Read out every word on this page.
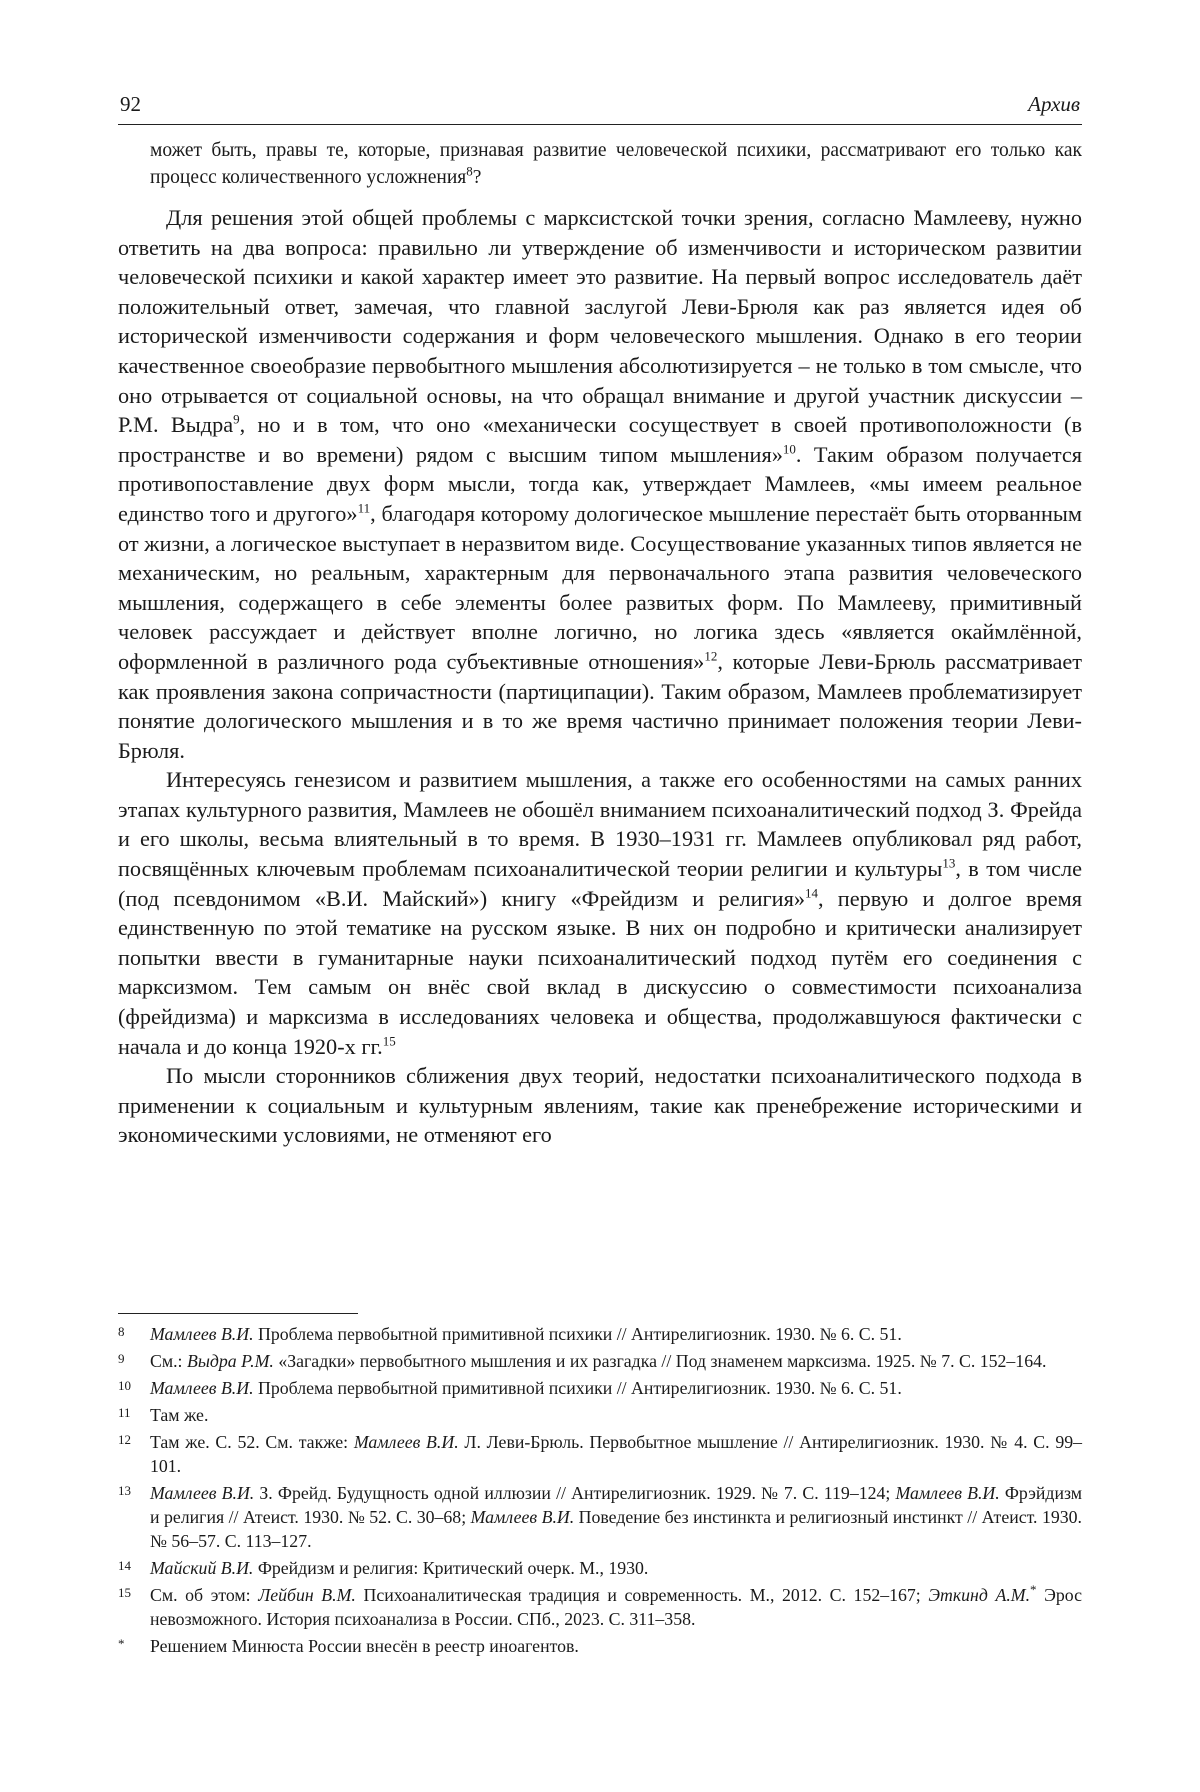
92	Архив

может быть, правы те, которые, признавая развитие человеческой психики, рассматривают его только как процесс количественного усложнения$^8$?

Для решения этой общей проблемы с марксистской точки зрения, согласно Мамлееву, нужно ответить на два вопроса: правильно ли утверждение об изменчивости и историческом развитии человеческой психики и какой характер имеет это развитие. На первый вопрос исследователь даёт положительный ответ, замечая, что главной заслугой Леви-Брюля как раз является идея об исторической изменчивости содержания и форм человеческого мышления. Однако в его теории качественное своеобразие первобытного мышления абсолютизируется – не только в том смысле, что оно отрывается от социальной основы, на что обращал внимание и другой участник дискуссии – Р.М. Выдра$^9$, но и в том, что оно «механически сосуществует в своей противоположности (в пространстве и во времени) рядом с высшим типом мышления»$^{10}$. Таким образом получается противопоставление двух форм мысли, тогда как, утверждает Мамлеев, «мы имеем реальное единство того и другого»$^{11}$, благодаря которому дологическое мышление перестаёт быть оторванным от жизни, а логическое выступает в неразвитом виде. Сосуществование указанных типов является не механическим, но реальным, характерным для первоначального этапа развития человеческого мышления, содержащего в себе элементы более развитых форм. По Мамлееву, примитивный человек рассуждает и действует вполне логично, но логика здесь «является окаймлённой, оформленной в различного рода субъективные отношения»$^{12}$, которые Леви-Брюль рассматривает как проявления закона сопричастности (партиципации). Таким образом, Мамлеев проблематизирует понятие дологического мышления и в то же время частично принимает положения теории Леви-Брюля.

Интересуясь генезисом и развитием мышления, а также его особенностями на самых ранних этапах культурного развития, Мамлеев не обошёл вниманием психоаналитический подход З. Фрейда и его школы, весьма влиятельный в то время. В 1930–1931 гг. Мамлеев опубликовал ряд работ, посвящённых ключевым проблемам психоаналитической теории религии и культуры$^{13}$, в том числе (под псевдонимом «В.И. Майский») книгу «Фрейдизм и религия»$^{14}$, первую и долгое время единственную по этой тематике на русском языке. В них он подробно и критически анализирует попытки ввести в гуманитарные науки психоаналитический подход путём его соединения с марксизмом. Тем самым он внёс свой вклад в дискуссию о совместимости психоанализа (фрейдизма) и марксизма в исследованиях человека и общества, продолжавшуюся фактически с начала и до конца 1920-х гг.$^{15}$

По мысли сторонников сближения двух теорий, недостатки психоаналитического подхода в применении к социальным и культурным явлениям, такие как пренебрежение историческими и экономическими условиями, не отменяют его

8 Мамлеев В.И. Проблема первобытной примитивной психики // Антирелигиозник. 1930. № 6. С. 51.
9 См.: Выдра Р.М. «Загадки» первобытного мышления и их разгадка // Под знаменем марксизма. 1925. № 7. С. 152–164.
10 Мамлеев В.И. Проблема первобытной примитивной психики // Антирелигиозник. 1930. № 6. С. 51.
11 Там же.
12 Там же. С. 52. См. также: Мамлеев В.И. Л. Леви-Брюль. Первобытное мышление // Антирелигиозник. 1930. № 4. С. 99–101.
13 Мамлеев В.И. З. Фрейд. Будущность одной иллюзии // Антирелигиозник. 1929. № 7. С. 119–124; Мамлеев В.И. Фрэйдизм и религия // Атеист. 1930. № 52. С. 30–68; Мамлеев В.И. Поведение без инстинкта и религиозный инстинкт // Атеист. 1930. № 56–57. С. 113–127.
14 Майский В.И. Фрейдизм и религия: Критический очерк. М., 1930.
15 См. об этом: Лейбин В.М. Психоаналитическая традиция и современность. М., 2012. С. 152–167; Эткинд А.М.* Эрос невозможного. История психоанализа в России. СПб., 2023. С. 311–358.
* Решением Минюста России внесён в реестр иноагентов.
